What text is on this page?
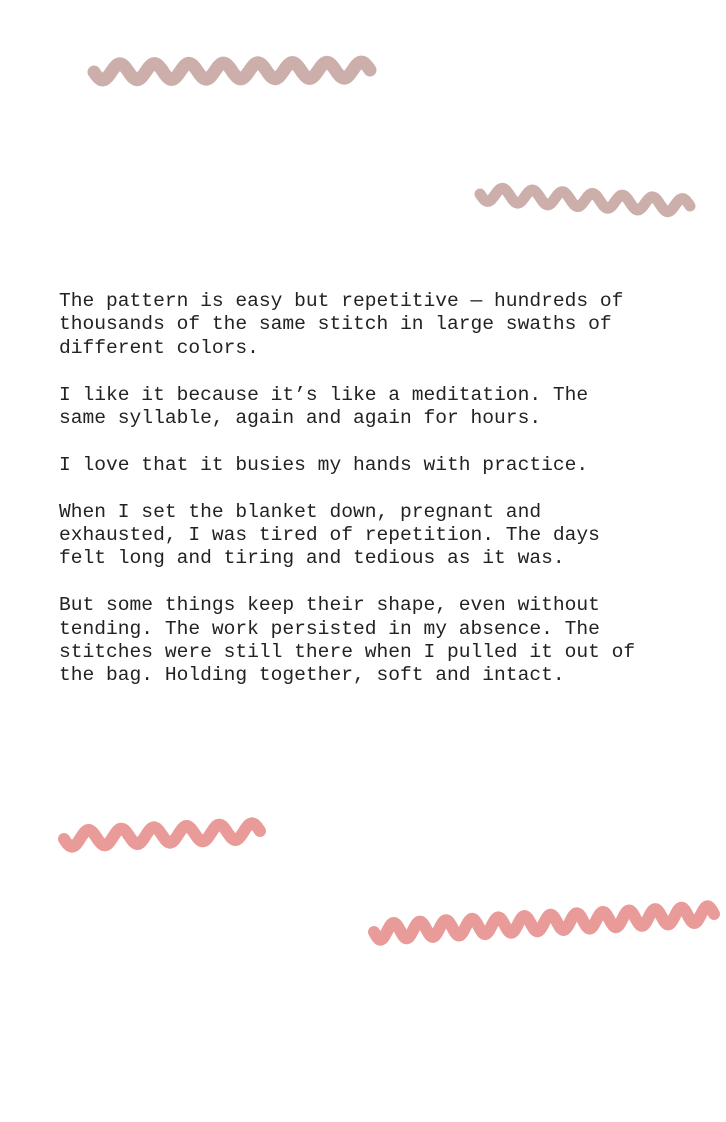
The pattern is easy but repetitive — hundreds of
thousands of the same stitch in large swaths of
different colors.

I like it because it’s like a meditation. The
same syllable, again and again for hours.

I love that it busies my hands with practice.

When I set the blanket down, pregnant and
exhausted, I was tired of repetition. The days
felt long and tiring and tedious as it was.

But some things keep their shape, even without
tending. The work persisted in my absence. The
stitches were still there when I pulled it out of
the bag. Holding together, soft and intact.
